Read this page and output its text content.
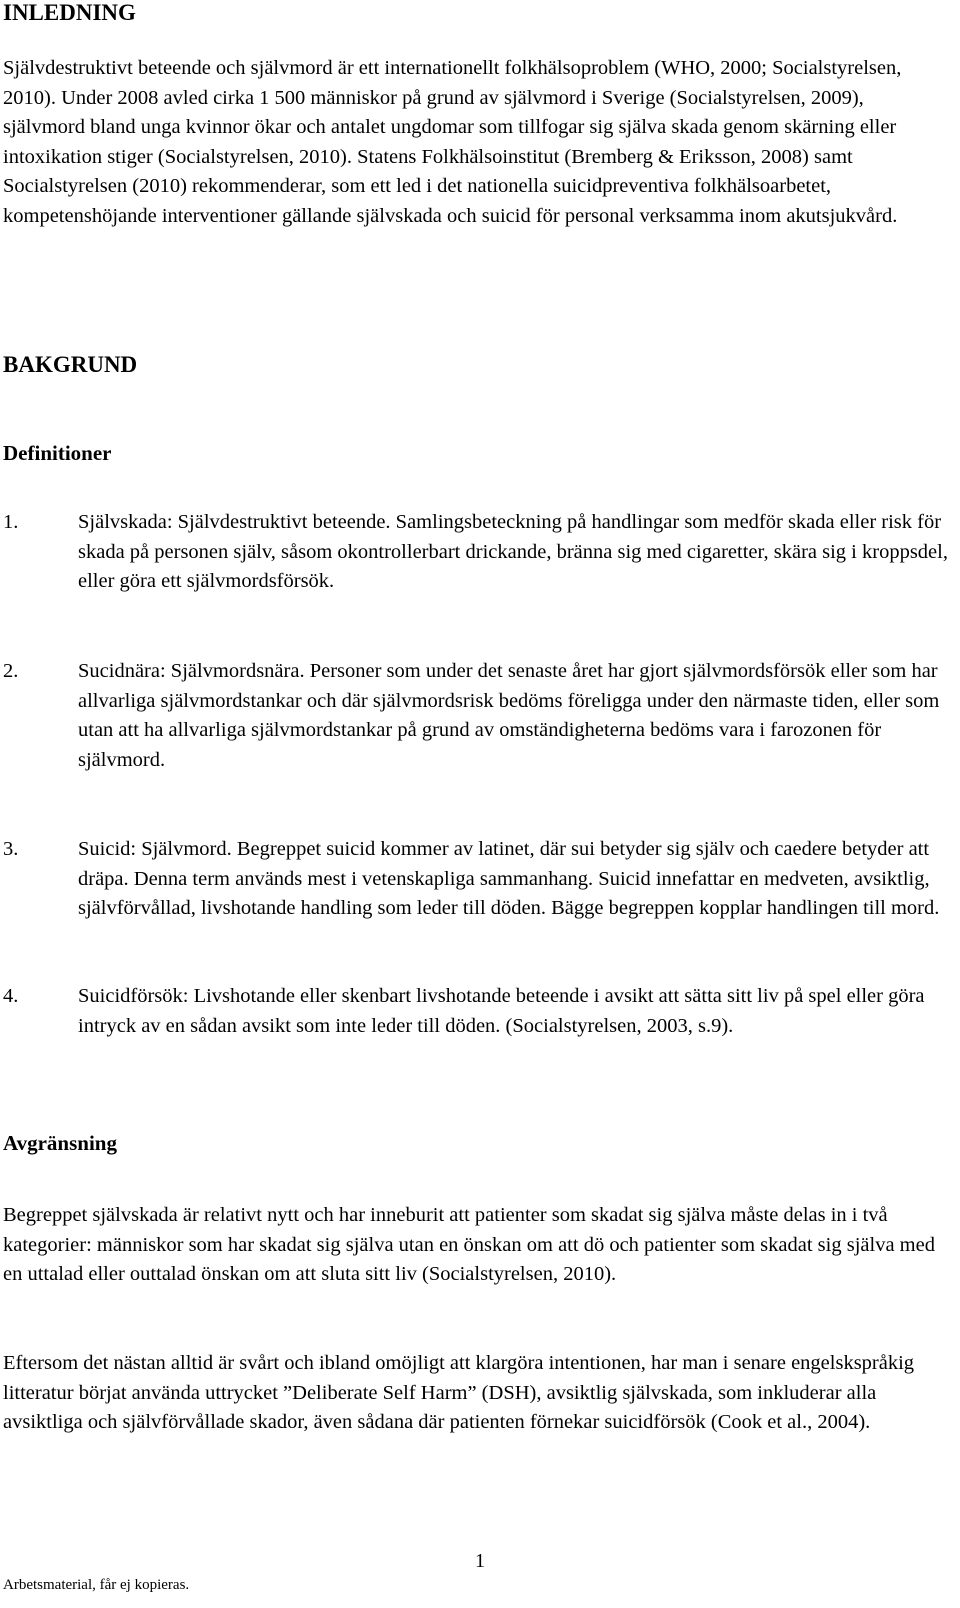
INLEDNING

Självdestruktivt beteende och självmord är ett internationellt folkhälsoproblem (WHO, 2000; Socialstyrelsen, 2010). Under 2008 avled cirka 1 500 människor på grund av självmord i Sverige (Socialstyrelsen, 2009), självmord bland unga kvinnor ökar och antalet ungdomar som tillfogar sig själva skada genom skärning eller intoxikation stiger (Socialstyrelsen, 2010). Statens Folkhälsoinstitut (Bremberg & Eriksson, 2008) samt Socialstyrelsen (2010) rekommenderar, som ett led i det nationella suicidpreventiva folkhälsoarbetet, kompetenshöjande interventioner gällande självskada och suicid för personal verksamma inom akutsjukvård.

BAKGRUND
Definitioner
1.	Självskada: Självdestruktivt beteende. Samlingsbeteckning på handlingar som medför skada eller risk för skada på personen själv, såsom okontrollerbart drickande, bränna sig med cigaretter, skära sig i kroppsdel, eller göra ett självmordsförsök.
2.	Sucidnära: Självmordsnära. Personer som under det senaste året har gjort självmordsförsök eller som har allvarliga självmordstankar och där självmordsrisk bedöms föreligga under den närmaste tiden, eller som utan att ha allvarliga självmordstankar på grund av omständigheterna bedöms vara i farozonen för självmord.
3.	Suicid: Självmord. Begreppet suicid kommer av latinet, där sui betyder sig själv och caedere betyder att dräpa. Denna term används mest i vetenskapliga sammanhang. Suicid innefattar en medveten, avsiktlig, självförvållad, livshotande handling som leder till döden. Bägge begreppen kopplar handlingen till mord.
4.	Suicidförsök: Livshotande eller skenbart livshotande beteende i avsikt att sätta sitt liv på spel eller göra intryck av en sådan avsikt som inte leder till döden. (Socialstyrelsen, 2003, s.9).
Avgränsning

Begreppet självskada är relativt nytt och har inneburit att patienter som skadat sig själva måste delas in i två kategorier: människor som har skadat sig själva utan en önskan om att dö och patienter som skadat sig själva med en uttalad eller outtalad önskan om att sluta sitt liv (Socialstyrelsen, 2010).

Eftersom det nästan alltid är svårt och ibland omöjligt att klargöra intentionen, har man i senare engelskspråkig litteratur börjat använda uttrycket ”Deliberate Self Harm” (DSH), avsiktlig självskada, som inkluderar alla avsiktliga och självförvållade skador, även sådana där patienten förnekar suicidförsök (Cook et al., 2004).

1
Arbetsmaterial, får ej kopieras.
